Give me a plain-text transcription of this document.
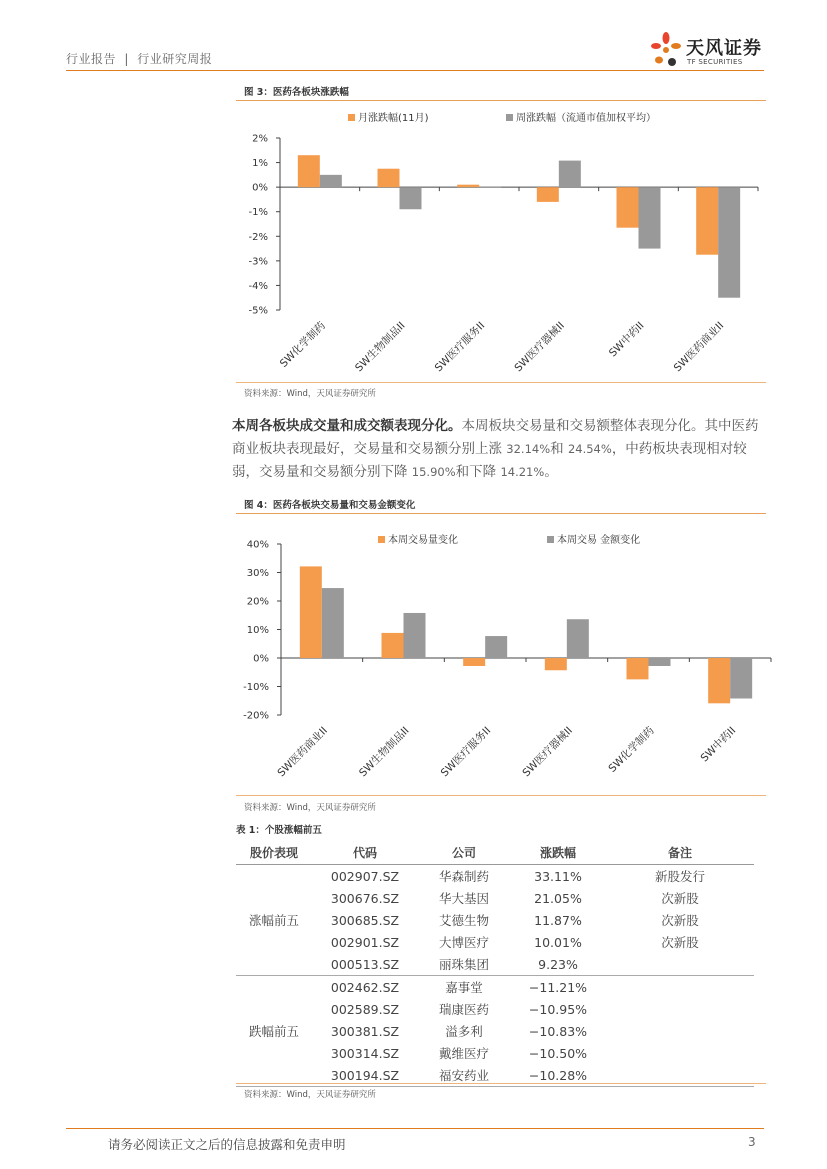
行业报告 | 行业研究周报	天风证券
TF SECURITIES
图 3：医药各板块涨跌幅
2%
1%
0%
-1%
-2%
-3%
-4%
-5%
SW化学制药 SW生物制品II SW医疗服务II SW医疗器械II	SW中药II SW医药商业II
月涨跌幅(11月)	周涨跌幅（流通市值加权平均）
资料来源：Wind，天风证券研究所
本周各板块成交量和成交额表现分化。本周板块交易量和交易额整体表现分化。其中医药商业板块表现最好，交易量和交易额分别上涨 32.14%和 24.54%，中药板块表现相对较弱，交易量和交易额分别下降 15.90%和下降 14.21%。
图 4：医药各板块交易量和交易金额变化
40%
30%
20%
10%
0%
-10%
-20%
SW医药商业II	SW生物制品II	SW医疗服务II	SW医疗器械II	SW化学制药	SW中药II
本周交易量变化	本周交易 金额变化
资料来源：Wind，天风证券研究所
表 1：个股涨幅前五
股价表现	代码	公司	涨跌幅	备注
涨幅前五	002907.SZ	华森制药	33.11%	新股发行
	300676.SZ	华大基因	21.05%	次新股
	300685.SZ	艾德生物	11.87%	次新股
	002901.SZ	大博医疗	10.01%	次新股
	000513.SZ	丽珠集团	9.23%	
跌幅前五	002462.SZ	嘉事堂	−11.21%	
	002589.SZ	瑞康医药	−10.95%	
	300381.SZ	溢多利	−10.83%	
	300314.SZ	戴维医疗	−10.50%	
	300194.SZ	福安药业	−10.28%	
资料来源：Wind，天风证券研究所
请务必阅读正文之后的信息披露和免责申明	3
